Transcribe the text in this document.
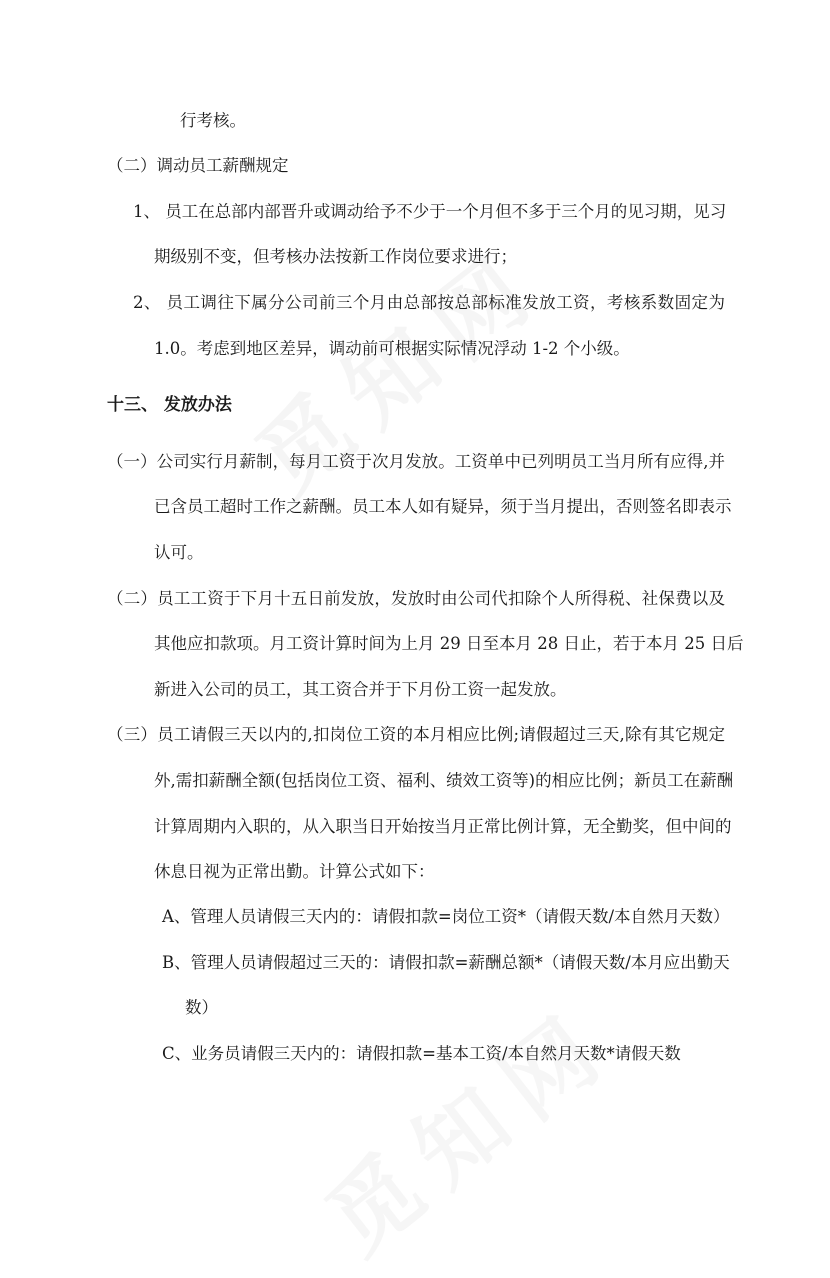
行考核。
（二）调动员工薪酬规定
1、 员工在总部内部晋升或调动给予不少于一个月但不多于三个月的见习期，见习
期级别不变，但考核办法按新工作岗位要求进行；
2、 员工调往下属分公司前三个月由总部按总部标准发放工资，考核系数固定为
1.0。考虑到地区差异，调动前可根据实际情况浮动 1-2 个小级。
十三、 发放办法
（一）公司实行月薪制，每月工资于次月发放。工资单中已列明员工当月所有应得,并
已含员工超时工作之薪酬。员工本人如有疑异，须于当月提出，否则签名即表示
认可。
（二）员工工资于下月十五日前发放，发放时由公司代扣除个人所得税、社保费以及
其他应扣款项。月工资计算时间为上月 29 日至本月 28 日止，若于本月 25 日后
新进入公司的员工，其工资合并于下月份工资一起发放。
（三）员工请假三天以内的,扣岗位工资的本月相应比例;请假超过三天,除有其它规定
外,需扣薪酬全额(包括岗位工资、福利、绩效工资等)的相应比例；新员工在薪酬
计算周期内入职的，从入职当日开始按当月正常比例计算，无全勤奖，但中间的
休息日视为正常出勤。计算公式如下：
A、管理人员请假三天内的：请假扣款=岗位工资*（请假天数/本自然月天数）
B、管理人员请假超过三天的：请假扣款=薪酬总额*（请假天数/本月应出勤天
数）
C、业务员请假三天内的：请假扣款=基本工资/本自然月天数*请假天数
